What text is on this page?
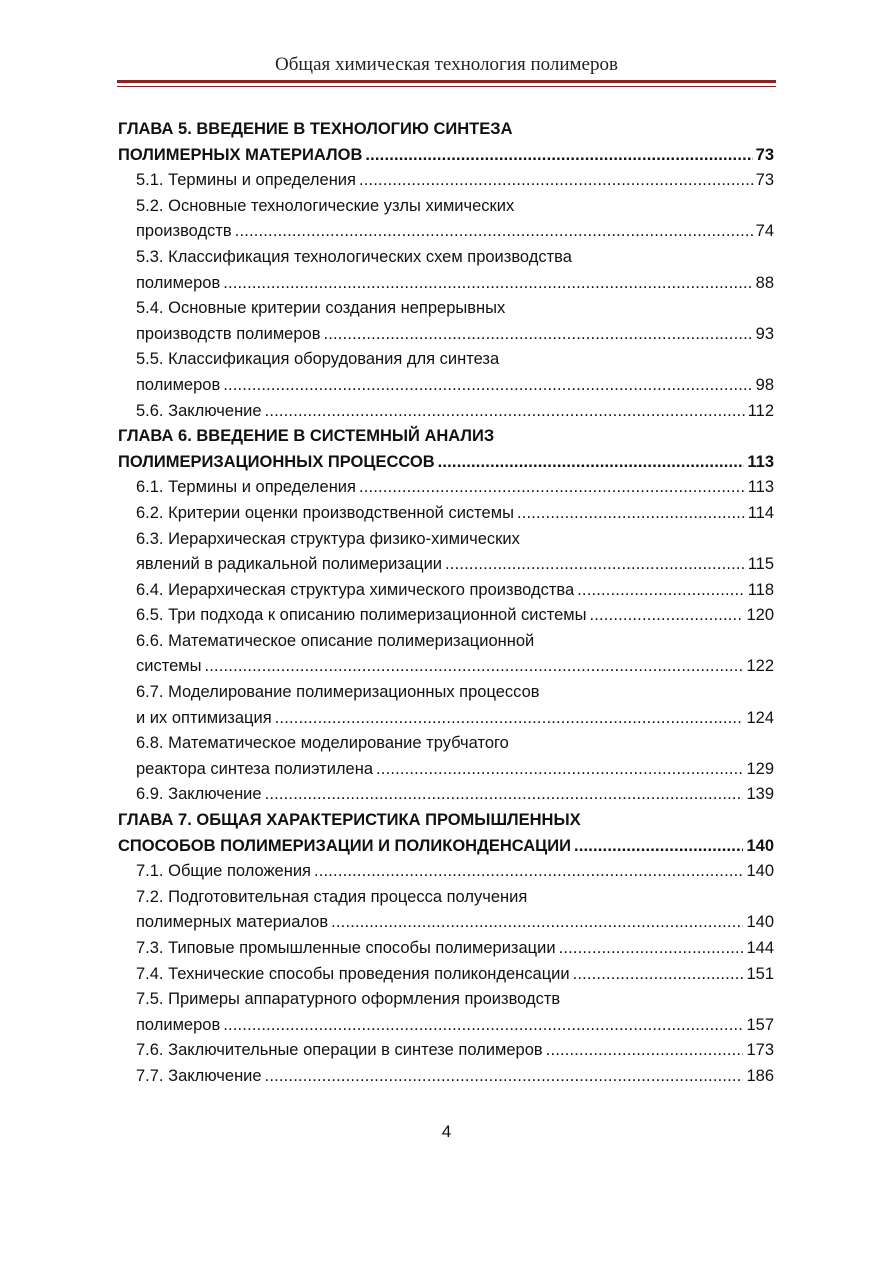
Общая химическая технология полимеров
ГЛАВА 5. ВВЕДЕНИЕ В ТЕХНОЛОГИЮ СИНТЕЗА
ПОЛИМЕРНЫХ МАТЕРИАЛОВ . . .	73
5.1. Термины и определения . . .	73
5.2. Основные технологические узлы химических
производств . . .	74
5.3. Классификация технологических схем производства
полимеров . . .	88
5.4. Основные критерии создания непрерывных
производств полимеров . . .	93
5.5. Классификация оборудования для синтеза
полимеров . . .	98
5.6. Заключение . . .	112
ГЛАВА 6. ВВЕДЕНИЕ В СИСТЕМНЫЙ АНАЛИЗ
ПОЛИМЕРИЗАЦИОННЫХ ПРОЦЕССОВ . . .	113
6.1. Термины и определения . . .	113
6.2. Критерии оценки производственной системы . . .	114
6.3. Иерархическая структура физико-химических
явлений в радикальной полимеризации . . .	115
6.4. Иерархическая структура химического производства . . .	118
6.5. Три подхода к описанию полимеризационной системы . . .	120
6.6. Математическое описание полимеризационной
системы . . .	122
6.7. Моделирование полимеризационных процессов
и их оптимизация . . .	124
6.8. Математическое моделирование трубчатого
реактора синтеза полиэтилена . . .	129
6.9. Заключение . . .	139
ГЛАВА 7. ОБЩАЯ ХАРАКТЕРИСТИКА ПРОМЫШЛЕННЫХ
СПОСОБОВ ПОЛИМЕРИЗАЦИИ И ПОЛИКОНДЕНСАЦИИ . . .	140
7.1. Общие положения . . .	140
7.2. Подготовительная стадия процесса получения
полимерных материалов . . .	140
7.3. Типовые промышленные способы полимеризации . . .	144
7.4. Технические способы проведения поликонденсации . . .	151
7.5. Примеры аппаратурного оформления производств
полимеров . . .	157
7.6. Заключительные операции в синтезе полимеров . . .	173
7.7. Заключение . . .	186
4
